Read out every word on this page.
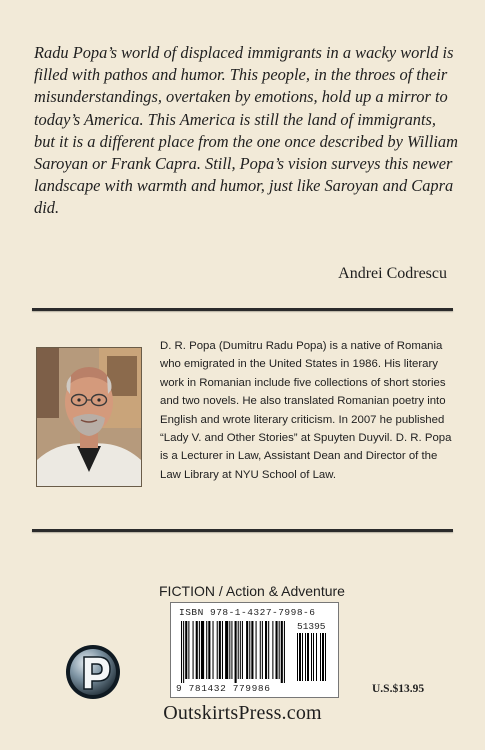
Radu Popa’s world of displaced immigrants in a wacky world is filled with pathos and humor. This people, in the throes of their misunderstandings, overtaken by emotions, hold up a mirror to today’s America. This America is still the land of immigrants, but it is a different place from the one once described by William Saroyan or Frank Capra. Still, Popa’s vision surveys this newer landscape with warmth and humor, just like Saroyan and Capra did.

Andrei Codrescu

D. R. Popa (Dumitru Radu Popa) is a native of Romania who emigrated in the United States in 1986. His literary work in Romanian include five collections of short stories and two novels. He also translated Romanian poetry into English and wrote literary criticism. In 2007 he published “Lady V. and Other Stories” at Spuyten Duyvil. D. R. Popa is a Lecturer in Law, Assistant Dean and Director of the Law Library at NYU School of Law.

FICTION / Action & Adventure
ISBN 978-1-4327-7998-6
51395
9 781432 779986	U.S.$13.95
OutskirtsPress.com
